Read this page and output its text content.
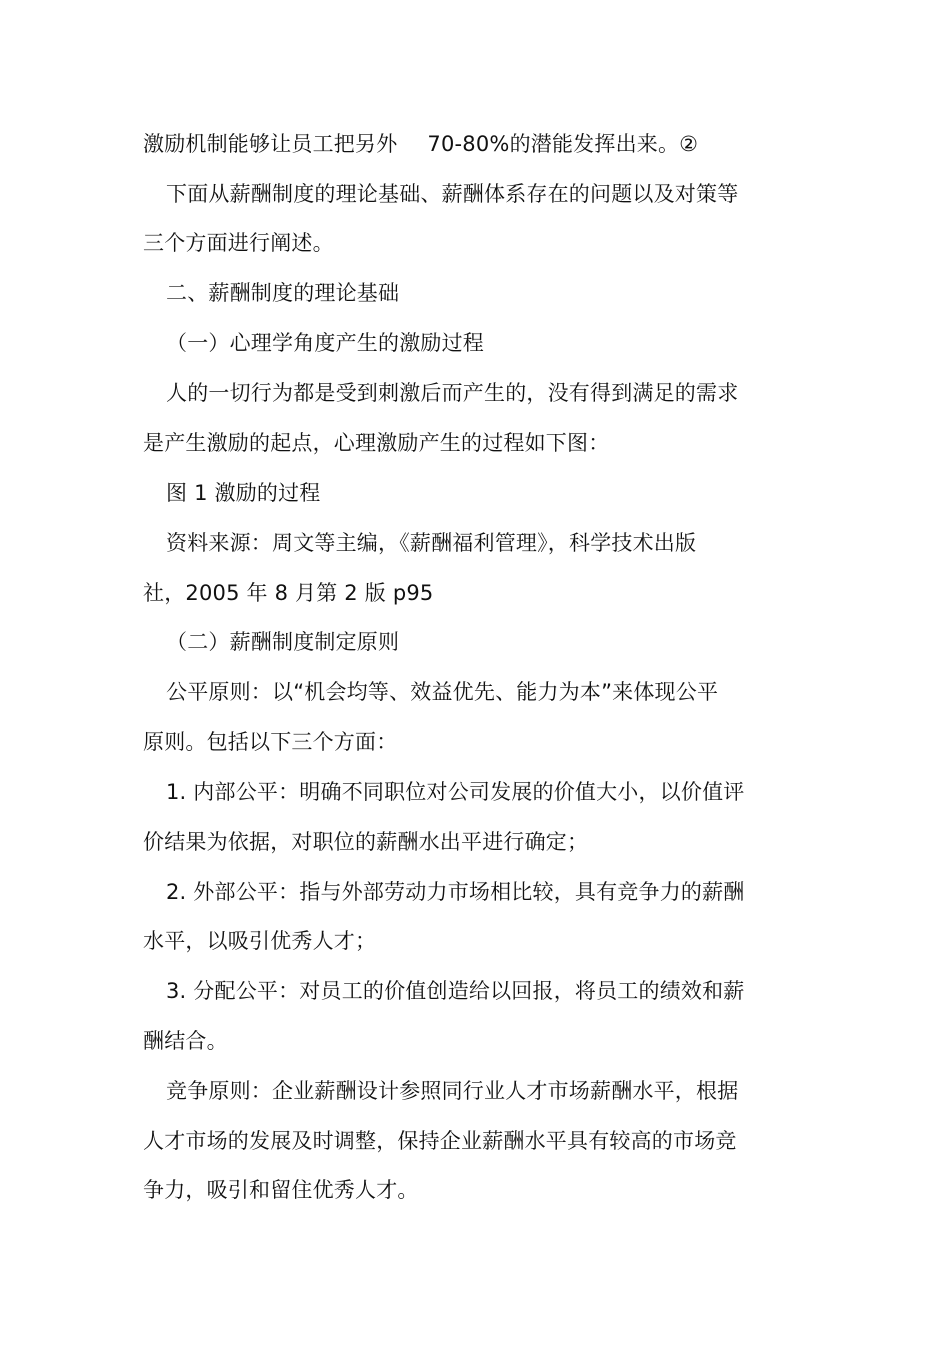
激励机制能够让员工把另外 70-80%的潜能发挥出来。②
下面从薪酬制度的理论基础、薪酬体系存在的问题以及对策等
三个方面进行阐述。
二、薪酬制度的理论基础
（一）心理学角度产生的激励过程
人的一切行为都是受到刺激后而产生的，没有得到满足的需求
是产生激励的起点，心理激励产生的过程如下图：
图 1 激励的过程
资料来源：周文等主编，《薪酬福利管理》，科学技术出版
社，2005 年 8 月第 2 版 p95
（二）薪酬制度制定原则
公平原则：以“机会均等、效益优先、能力为本”来体现公平
原则。包括以下三个方面：
1. 内部公平：明确不同职位对公司发展的价值大小，以价值评
价结果为依据，对职位的薪酬水出平进行确定；
2. 外部公平：指与外部劳动力市场相比较，具有竞争力的薪酬
水平，以吸引优秀人才；
3. 分配公平：对员工的价值创造给以回报，将员工的绩效和薪
酬结合。
竞争原则：企业薪酬设计参照同行业人才市场薪酬水平，根据
人才市场的发展及时调整，保持企业薪酬水平具有较高的市场竞
争力，吸引和留住优秀人才。
